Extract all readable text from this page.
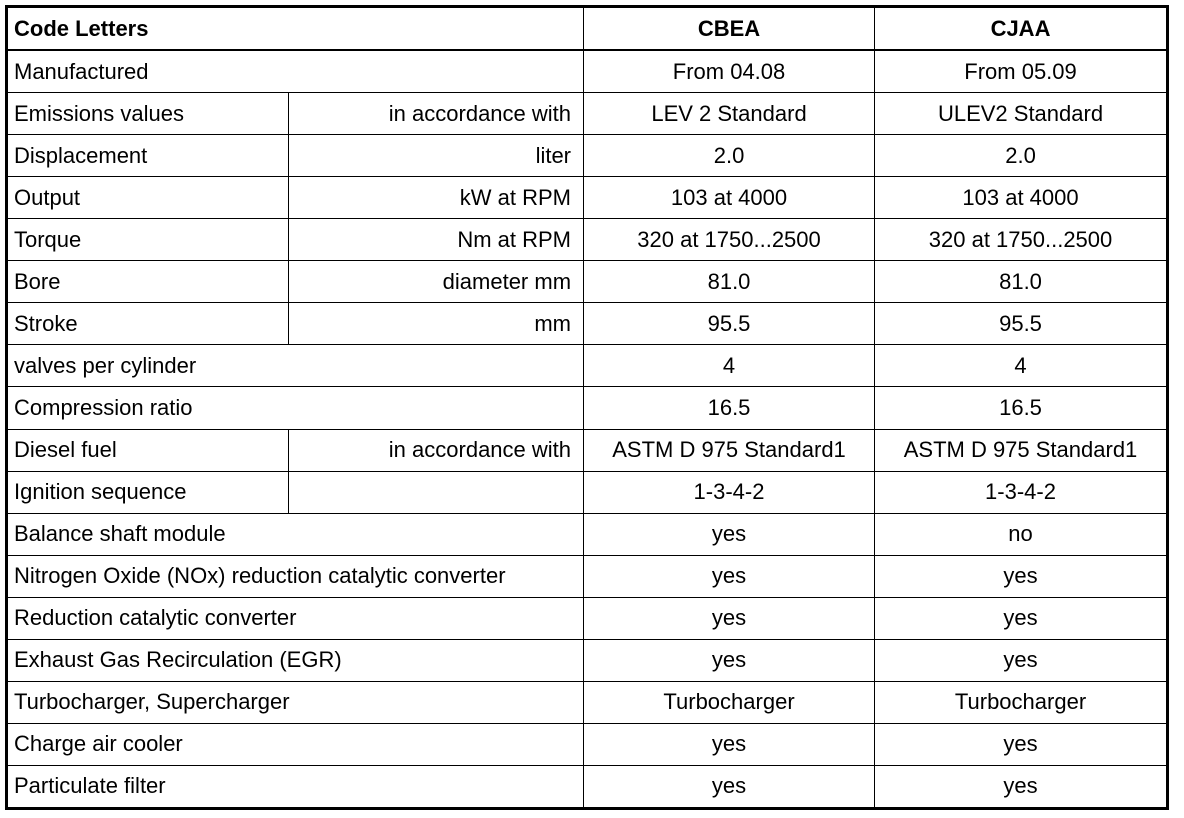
Code Letters		CBEA	CJAA
Manufactured		From 04.08	From 05.09
Emissions values	in accordance with	LEV 2 Standard	ULEV2 Standard
Displacement	liter	2.0	2.0
Output	kW at RPM	103 at 4000	103 at 4000
Torque	Nm at RPM	320 at 1750...2500	320 at 1750...2500
Bore	diameter mm	81.0	81.0
Stroke	mm	95.5	95.5
valves per cylinder		4	4
Compression ratio		16.5	16.5
Diesel fuel	in accordance with	ASTM D 975 Standard1	ASTM D 975 Standard1
Ignition sequence		1-3-4-2	1-3-4-2
Balance shaft module		yes	no
Nitrogen Oxide (NOx) reduction catalytic converter		yes	yes
Reduction catalytic converter		yes	yes
Exhaust Gas Recirculation (EGR)		yes	yes
Turbocharger, Supercharger		Turbocharger	Turbocharger
Charge air cooler		yes	yes
Particulate filter		yes	yes
